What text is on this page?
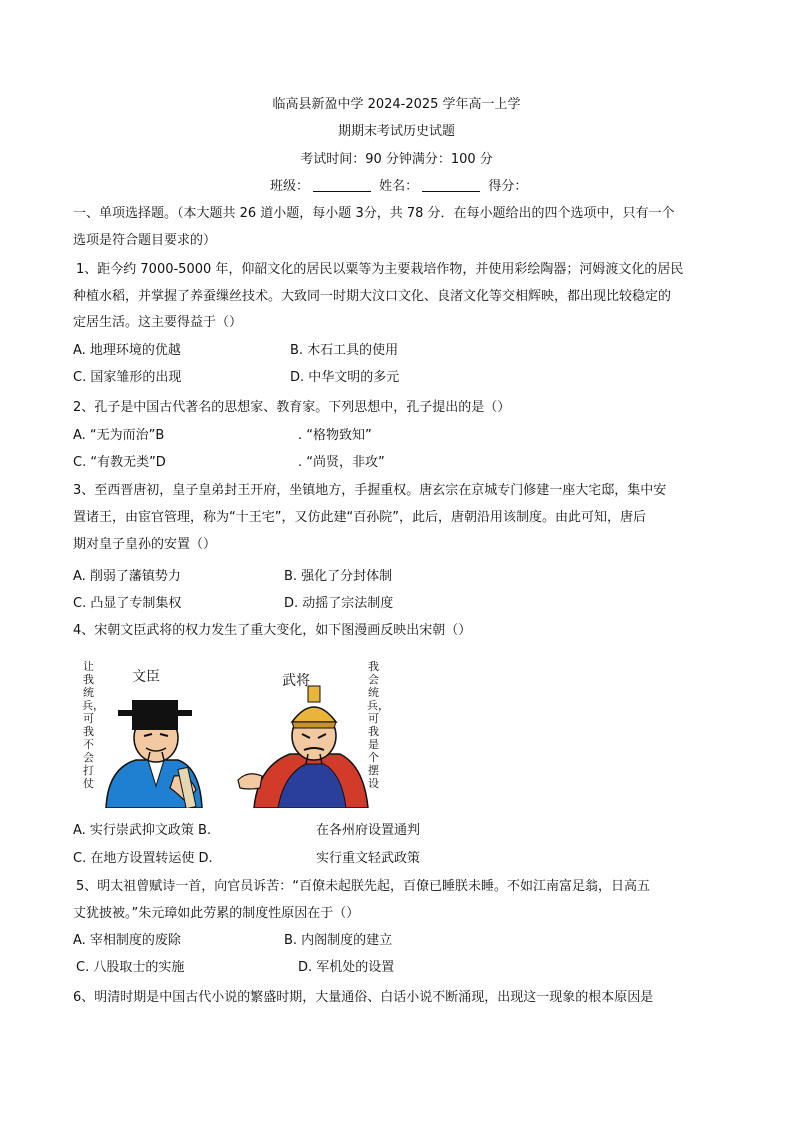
临高县新盈中学 2024-2025 学年高一上学
期期末考试历史试题
考试时间：90 分钟满分：100 分
班级：	姓名：	得分：
一、单项选择题。（本大题共 26 道小题，每小题 3分，共 78 分．在每小题给出的四个选项中，只有一个
选项是符合题目要求的）
1、距今约 7000-5000 年，仰韶文化的居民以粟等为主要栽培作物，并使用彩绘陶器；河姆渡文化的居民
种植水稻，并掌握了养蚕缫丝技术。大致同一时期大汶口文化、良渚文化等交相辉映，都出现比较稳定的
定居生活。这主要得益于（）
A. 地理环境的优越	B. 木石工具的使用
C. 国家雏形的出现	D. 中华文明的多元
2、孔子是中国古代著名的思想家、教育家。下列思想中，孔子提出的是（）
A. “无为而治”B	. “格物致知”
C. “有教无类”D	. “尚贤，非攻”
3、至西晋唐初，皇子皇弟封王开府，坐镇地方，手握重权。唐玄宗在京城专门修建一座大宅邸，集中安
置诸王，由宦官管理，称为“十王宅”，又仿此建“百孙院”，此后，唐朝沿用该制度。由此可知，唐后
期对皇子皇孙的安置（）
A. 削弱了藩镇势力	B. 强化了分封体制
C. 凸显了专制集权	D. 动摇了宗法制度
4、宋朝文臣武将的权力发生了重大变化，如下图漫画反映出宋朝（）
让我统兵，可我不会打仗
我会统兵，可我是个摆设
文臣	武将
A. 实行崇武抑文政策 B.	在各州府设置通判
C. 在地方设置转运使 D.	实行重文轻武政策
5、明太祖曾赋诗一首，向官员诉苦：“百僚未起朕先起，百僚已睡朕未睡。不如江南富足翁，日高五
丈犹披被。”朱元璋如此劳累的制度性原因在于（）
A. 宰相制度的废除	B. 内阁制度的建立
C. 八股取士的实施	D. 军机处的设置
6、明清时期是中国古代小说的繁盛时期，大量通俗、白话小说不断涌现，出现这一现象的根本原因是
